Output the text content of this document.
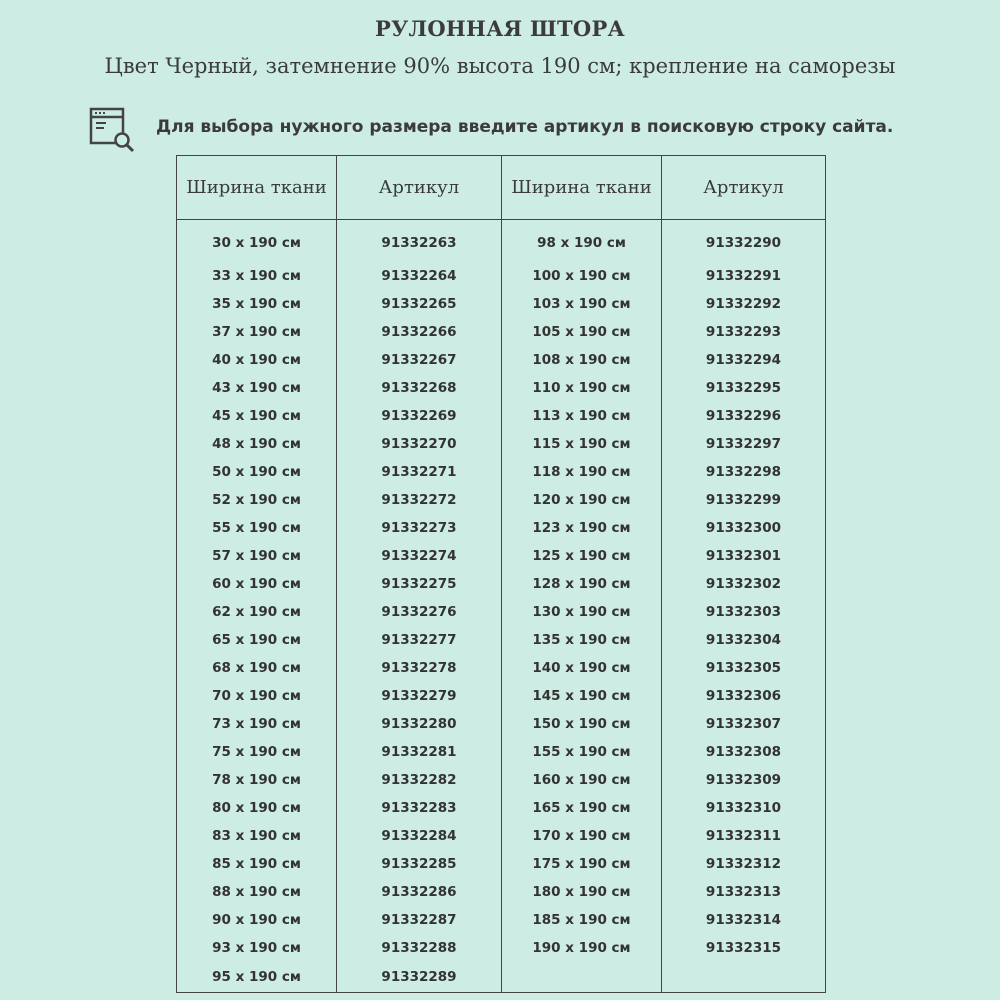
РУЛОННАЯ ШТОРА
Цвет Черный, затемнение 90% высота 190 см; крепление на саморезы
Для выбора нужного размера введите артикул в поисковую строку сайта.
Ширина ткани	Артикул	Ширина ткани	Артикул
30 x 190 см	91332263	98 x 190 см	91332290
33 x 190 см	91332264	100 x 190 см	91332291
35 x 190 см	91332265	103 x 190 см	91332292
37 x 190 см	91332266	105 x 190 см	91332293
40 x 190 см	91332267	108 x 190 см	91332294
43 x 190 см	91332268	110 x 190 см	91332295
45 x 190 см	91332269	113 x 190 см	91332296
48 x 190 см	91332270	115 x 190 см	91332297
50 x 190 см	91332271	118 x 190 см	91332298
52 x 190 см	91332272	120 x 190 см	91332299
55 x 190 см	91332273	123 x 190 см	91332300
57 x 190 см	91332274	125 x 190 см	91332301
60 x 190 см	91332275	128 x 190 см	91332302
62 x 190 см	91332276	130 x 190 см	91332303
65 x 190 см	91332277	135 x 190 см	91332304
68 x 190 см	91332278	140 x 190 см	91332305
70 x 190 см	91332279	145 x 190 см	91332306
73 x 190 см	91332280	150 x 190 см	91332307
75 x 190 см	91332281	155 x 190 см	91332308
78 x 190 см	91332282	160 x 190 см	91332309
80 x 190 см	91332283	165 x 190 см	91332310
83 x 190 см	91332284	170 x 190 см	91332311
85 x 190 см	91332285	175 x 190 см	91332312
88 x 190 см	91332286	180 x 190 см	91332313
90 x 190 см	91332287	185 x 190 см	91332314
93 x 190 см	91332288	190 x 190 см	91332315
95 x 190 см	91332289		
